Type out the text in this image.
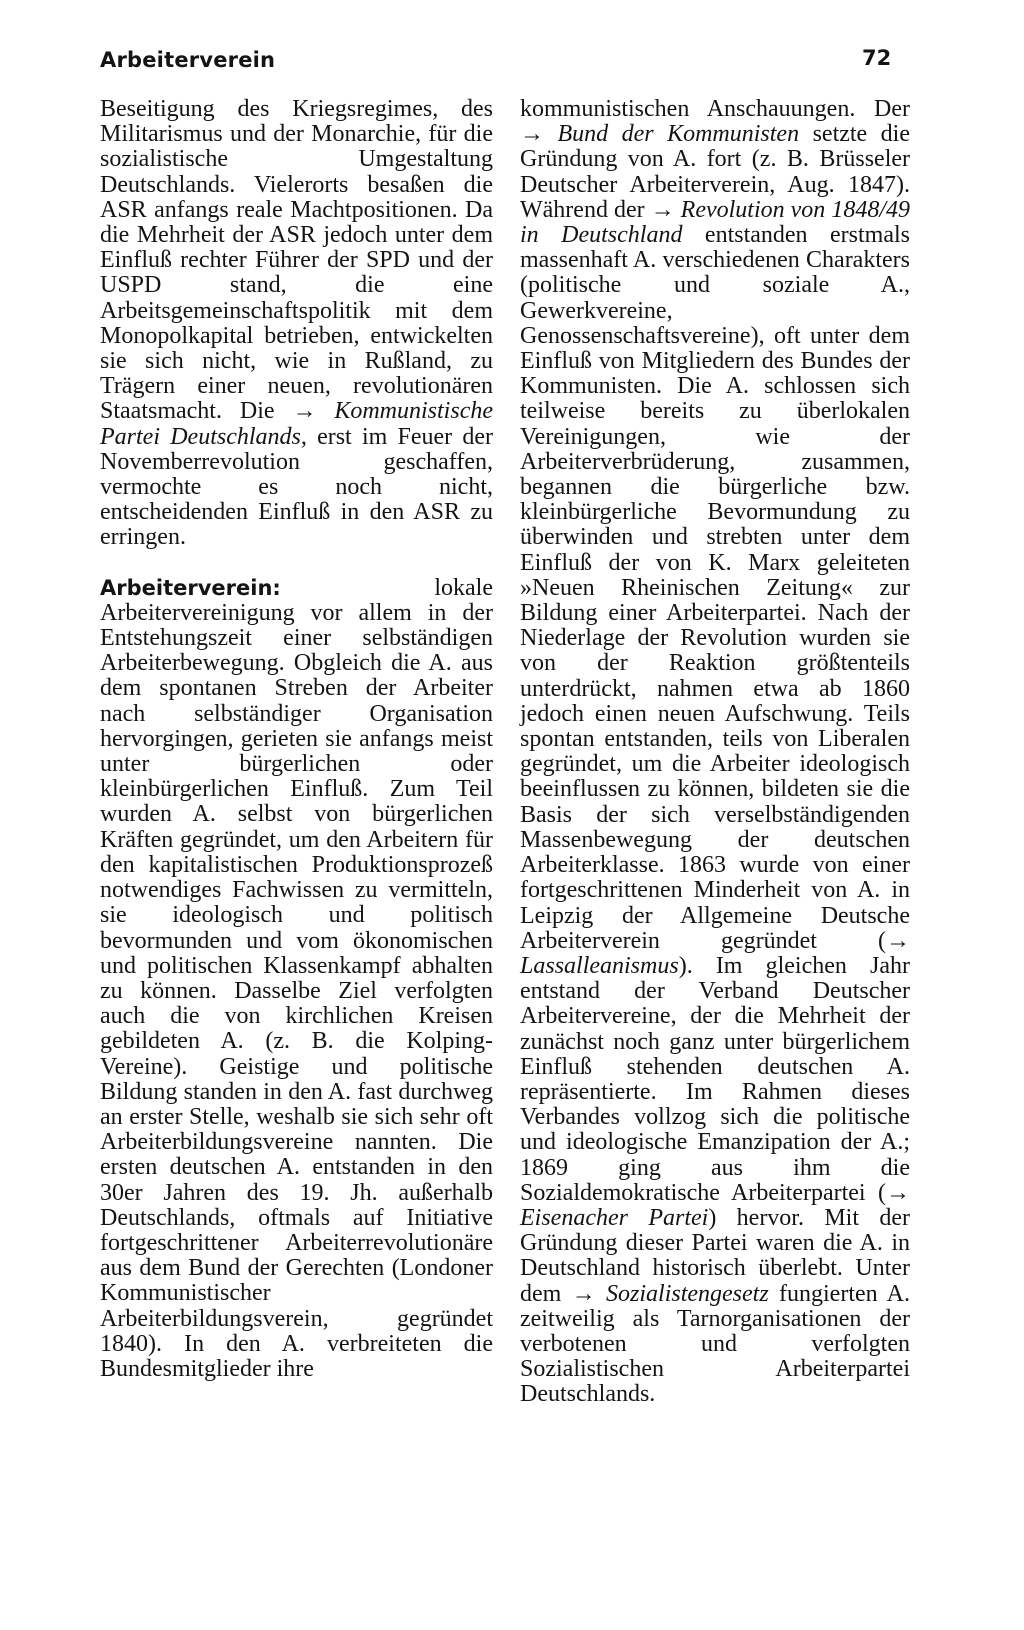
Arbeiterverein	72

Beseitigung des Kriegsregimes, des Militarismus und der Monarchie, für die sozialistische Umgestaltung Deutschlands. Vielerorts besaßen die ASR anfangs reale Machtpositionen. Da die Mehrheit der ASR jedoch unter dem Einfluß rechter Führer der SPD und der USPD stand, die eine Arbeitsgemeinschaftspolitik mit dem Monopolkapital betrieben, entwickelten sie sich nicht, wie in Rußland, zu Trägern einer neuen, revolutionären Staatsmacht. Die → Kommunistische Partei Deutschlands, erst im Feuer der Novemberrevolution geschaffen, vermochte es noch nicht, entscheidenden Einfluß in den ASR zu erringen.

Arbeiterverein: lokale Arbeitervereinigung vor allem in der Entstehungszeit einer selbständigen Arbeiterbewegung. Obgleich die A. aus dem spontanen Streben der Arbeiter nach selbständiger Organisation hervorgingen, gerieten sie anfangs meist unter bürgerlichen oder kleinbürgerlichen Einfluß. Zum Teil wurden A. selbst von bürgerlichen Kräften gegründet, um den Arbeitern für den kapitalistischen Produktionsprozeß notwendiges Fachwissen zu vermitteln, sie ideologisch und politisch bevormunden und vom ökonomischen und politischen Klassenkampf abhalten zu können. Dasselbe Ziel verfolgten auch die von kirchlichen Kreisen gebildeten A. (z. B. die Kolping-Vereine). Geistige und politische Bildung standen in den A. fast durchweg an erster Stelle, weshalb sie sich sehr oft Arbeiterbildungsvereine nannten. Die ersten deutschen A. entstanden in den 30er Jahren des 19. Jh. außerhalb Deutschlands, oftmals auf Initiative fortgeschrittener Arbeiterrevolutionäre aus dem Bund der Gerechten (Londoner Kommunistischer Arbeiterbildungsverein, gegründet 1840). In den A. verbreiteten die Bundesmitglieder ihre

kommunistischen Anschauungen. Der → Bund der Kommunisten setzte die Gründung von A. fort (z. B. Brüsseler Deutscher Arbeiterverein, Aug. 1847). Während der → Revolution von 1848/49 in Deutschland entstanden erstmals massenhaft A. verschiedenen Charakters (politische und soziale A., Gewerkvereine, Genossenschaftsvereine), oft unter dem Einfluß von Mitgliedern des Bundes der Kommunisten. Die A. schlossen sich teilweise bereits zu überlokalen Vereinigungen, wie der Arbeiterverbrüderung, zusammen, begannen die bürgerliche bzw. kleinbürgerliche Bevormundung zu überwinden und strebten unter dem Einfluß der von K. Marx geleiteten »Neuen Rheinischen Zeitung« zur Bildung einer Arbeiterpartei. Nach der Niederlage der Revolution wurden sie von der Reaktion größtenteils unterdrückt, nahmen etwa ab 1860 jedoch einen neuen Aufschwung. Teils spontan entstanden, teils von Liberalen gegründet, um die Arbeiter ideologisch beeinflussen zu können, bildeten sie die Basis der sich verselbständigenden Massenbewegung der deutschen Arbeiterklasse. 1863 wurde von einer fortgeschrittenen Minderheit von A. in Leipzig der Allgemeine Deutsche Arbeiterverein gegründet (→ Lassalleanismus). Im gleichen Jahr entstand der Verband Deutscher Arbeitervereine, der die Mehrheit der zunächst noch ganz unter bürgerlichem Einfluß stehenden deutschen A. repräsentierte. Im Rahmen dieses Verbandes vollzog sich die politische und ideologische Emanzipation der A.; 1869 ging aus ihm die Sozialdemokratische Arbeiterpartei (→ Eisenacher Partei) hervor. Mit der Gründung dieser Partei waren die A. in Deutschland historisch überlebt. Unter dem → Sozialistengesetz fungierten A. zeitweilig als Tarnorganisationen der verbotenen und verfolgten Sozialistischen Arbeiterpartei Deutschlands.
